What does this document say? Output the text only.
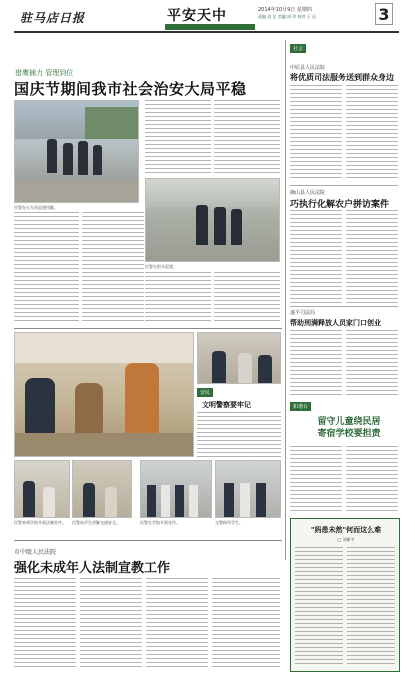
驻马店日报	平安天中	2014年10月9日 星期四
责编 刘 艺 美编 周 玲 校对 王 远	3
猎鹰捕力 管理到位
国庆节期间我市社会治安大局平稳
民警在火车站巡逻执勤。
民警在街头巡逻。
社会
中原县人民法院
将优质司法服务送到群众身边
确山县人民法院
巧执行化解农户拼访案件
遂平司法局
帮助刑满释放人员家门口创业
和谐台
留守儿童绕民居
寄宿学校要担责
安民
文明警察要牢记
民警来到学校开展法制宣传。	民警向学生讲解交通安全。	民警在学校开展宣传。	交警指导学生。
市中级人民法院
强化未成年人法制宣教工作
"妈患未然"何而这么难
□ 刘新宇
